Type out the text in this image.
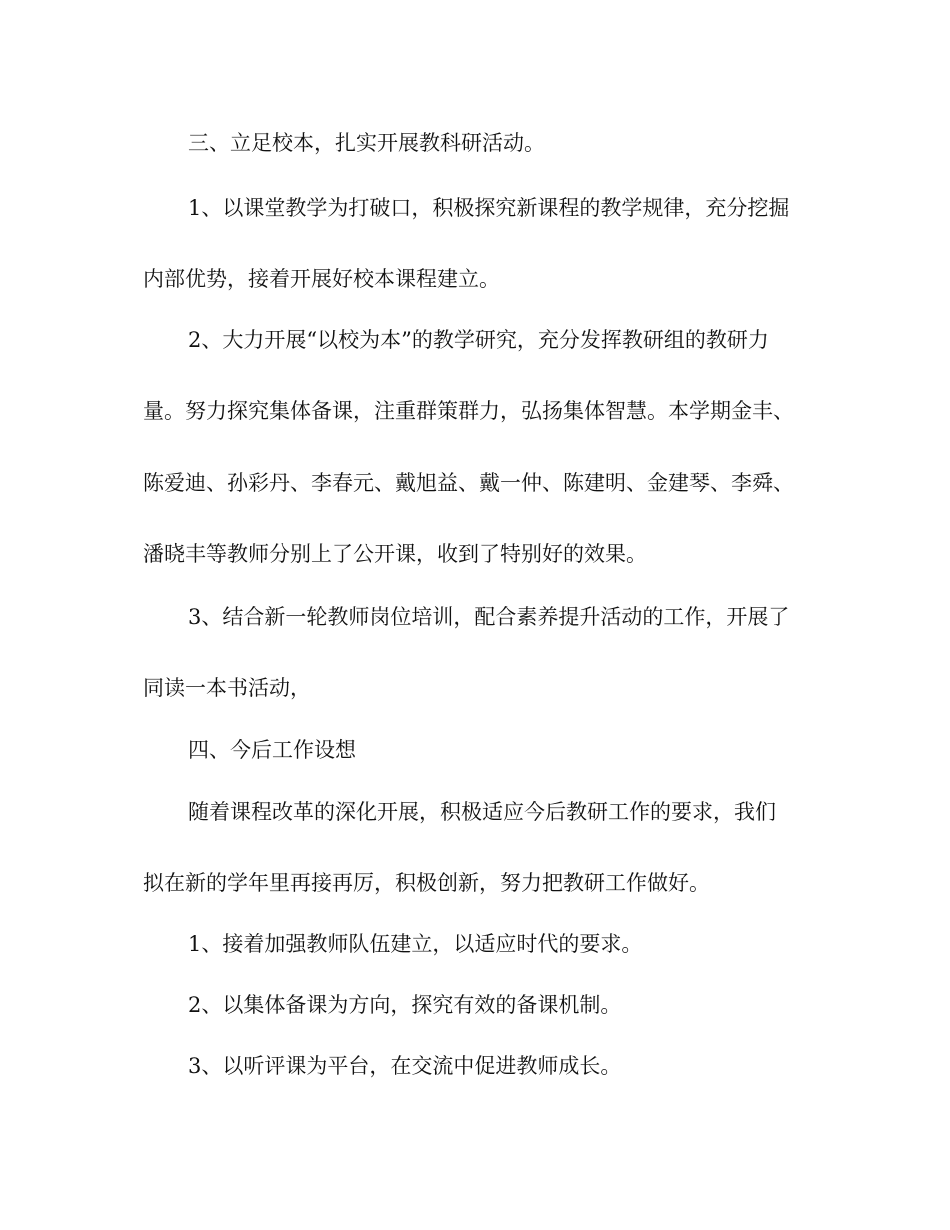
三、立足校本，扎实开展教科研活动。
1、以课堂教学为打破口，积极探究新课程的教学规律，充分挖掘
内部优势，接着开展好校本课程建立。
2、大力开展“以校为本”的教学研究，充分发挥教研组的教研力
量。努力探究集体备课，注重群策群力，弘扬集体智慧。本学期金丰、
陈爱迪、孙彩丹、李春元、戴旭益、戴一仲、陈建明、金建琴、李舜、
潘晓丰等教师分别上了公开课，收到了特别好的效果。
3、结合新一轮教师岗位培训，配合素养提升活动的工作，开展了
同读一本书活动，
四、今后工作设想
随着课程改革的深化开展，积极适应今后教研工作的要求，我们
拟在新的学年里再接再厉，积极创新，努力把教研工作做好。
1、接着加强教师队伍建立，以适应时代的要求。
2、以集体备课为方向，探究有效的备课机制。
3、以听评课为平台，在交流中促进教师成长。
